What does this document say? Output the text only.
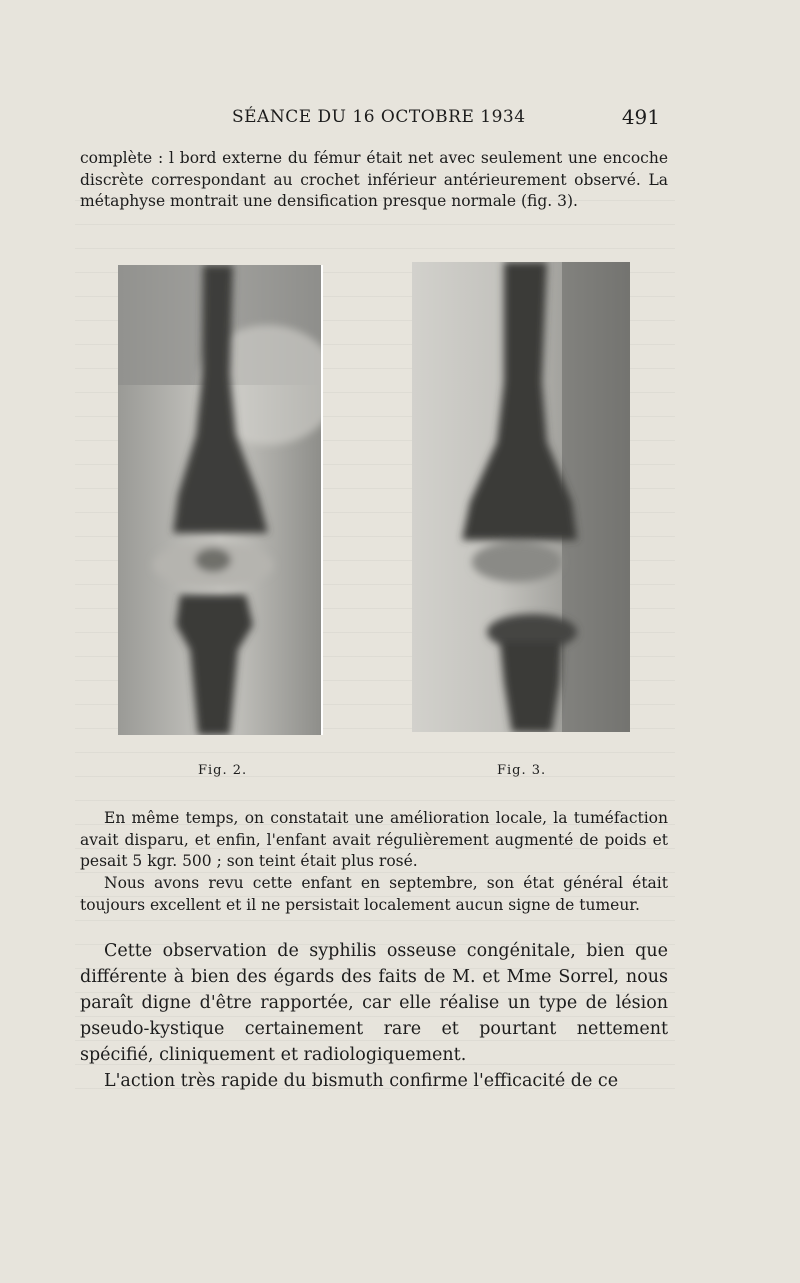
SÉANCE DU 16 OCTOBRE 1934	491

complète : l bord externe du fémur était net avec seulement une encoche discrète correspondant au crochet inférieur antérieurement observé. La métaphyse montrait une densification presque normale (fig. 3).

Fig. 2.	Fig. 3.

En même temps, on constatait une amélioration locale, la tuméfaction avait disparu, et enfin, l'enfant avait régulièrement augmenté de poids et pesait 5 kgr. 500 ; son teint était plus rosé.

Nous avons revu cette enfant en septembre, son état général était toujours excellent et il ne persistait localement aucun signe de tumeur.

Cette observation de syphilis osseuse congénitale, bien que différente à bien des égards des faits de M. et Mme Sorrel, nous paraît digne d'être rapportée, car elle réalise un type de lésion pseudo-kystique certainement rare et pourtant nettement spécifié, cliniquement et radiologiquement.

L'action très rapide du bismuth confirme l'efficacité de ce
